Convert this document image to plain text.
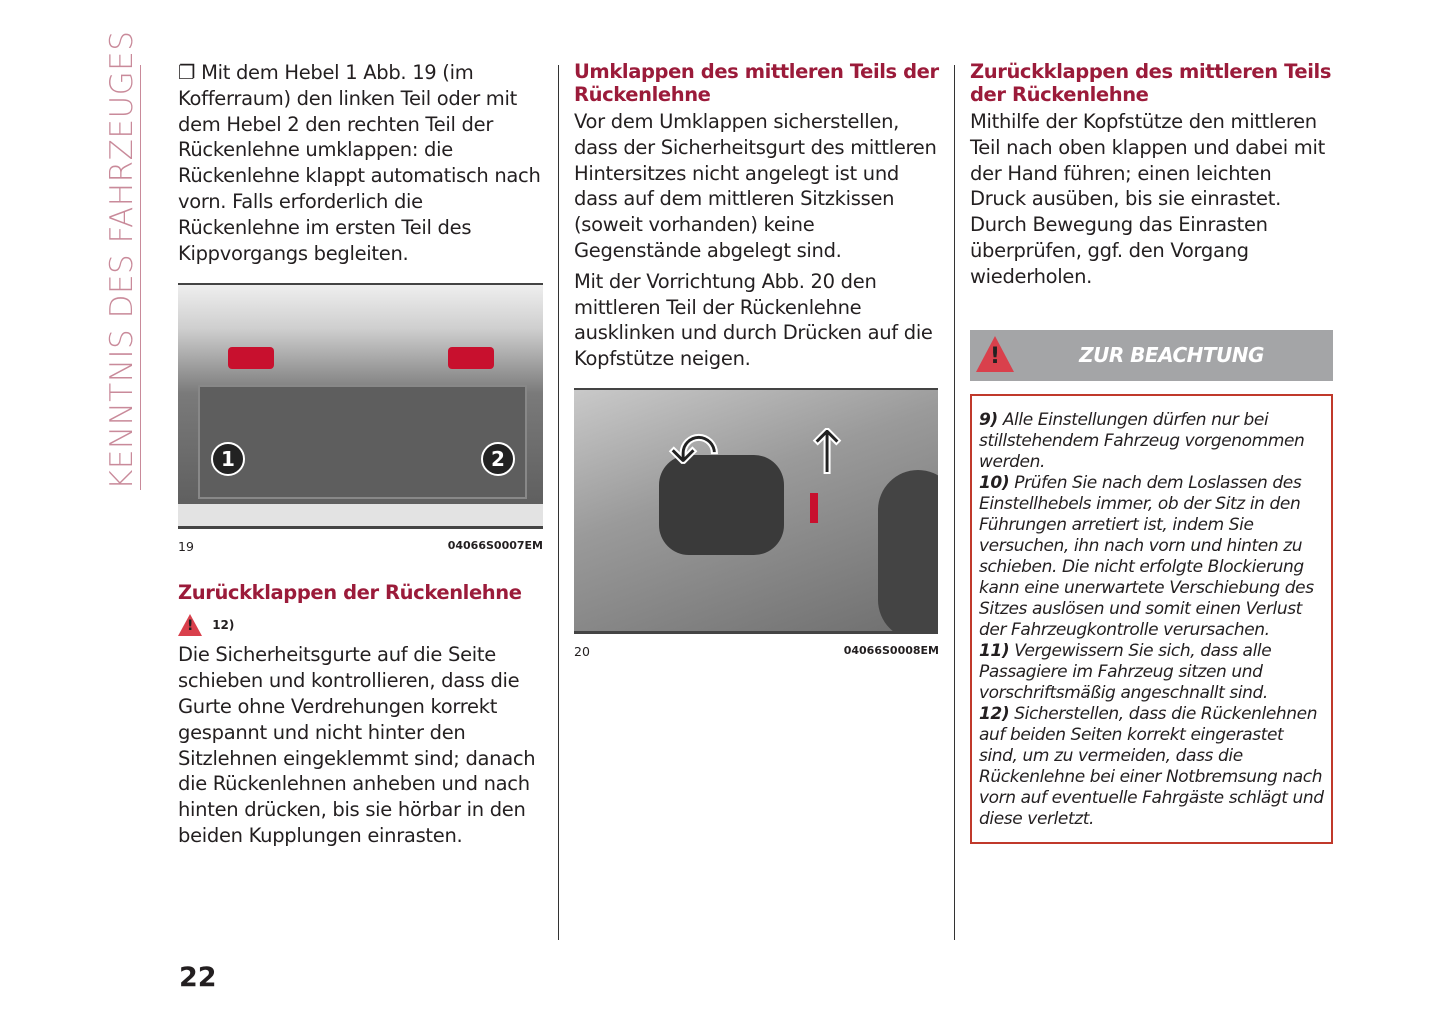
KENNTNIS DES FAHRZEUGES ❐ Mit dem Hebel 1 Abb. 19 (im Kofferraum) den linken Teil oder mit dem Hebel 2 den rechten Teil der Rückenlehne umklappen: die Rückenlehne klappt automatisch nach vorn. Falls erforderlich die Rückenlehne im ersten Teil des Kippvorgangs begleiten.

1	2
19	04066S0007EM
Zurückklappen der Rückenlehne
! 12)

Die Sicherheitsgurte auf die Seite schieben und kontrollieren, dass die Gurte ohne Verdrehungen korrekt gespannt und nicht hinter den Sitzlehnen eingeklemmt sind; danach die Rückenlehnen anheben und nach hinten drücken, bis sie hörbar in den beiden Kupplungen einrasten.

Umklappen des mittleren Teils der Rückenlehne

Vor dem Umklappen sicherstellen, dass der Sicherheitsgurt des mittleren Hintersitzes nicht angelegt ist und dass auf dem mittleren Sitzkissen (soweit vorhanden) keine Gegenstände abgelegt sind.

Mit der Vorrichtung Abb. 20 den mittleren Teil der Rückenlehne ausklinken und durch Drücken auf die Kopfstütze neigen.

↶ ↑
20	04066S0008EM
Zurückklappen des mittleren Teils der Rückenlehne

Mithilfe der Kopfstütze den mittleren Teil nach oben klappen und dabei mit der Hand führen; einen leichten Druck ausüben, bis sie einrastet. Durch Bewegung das Einrasten überprüfen, ggf. den Vorgang wiederholen.

!	ZUR BEACHTUNG

9) Alle Einstellungen dürfen nur bei stillstehendem Fahrzeug vorgenommen werden.

10) Prüfen Sie nach dem Loslassen des Einstellhebels immer, ob der Sitz in den Führungen arretiert ist, indem Sie versuchen, ihn nach vorn und hinten zu schieben. Die nicht erfolgte Blockierung kann eine unerwartete Verschiebung des Sitzes auslösen und somit einen Verlust der Fahrzeugkontrolle verursachen.

11) Vergewissern Sie sich, dass alle Passagiere im Fahrzeug sitzen und vorschriftsmäßig angeschnallt sind.

12) Sicherstellen, dass die Rückenlehnen auf beiden Seiten korrekt eingerastet sind, um zu vermeiden, dass die Rückenlehne bei einer Notbremsung nach vorn auf eventuelle Fahrgäste schlägt und diese verletzt.

22
